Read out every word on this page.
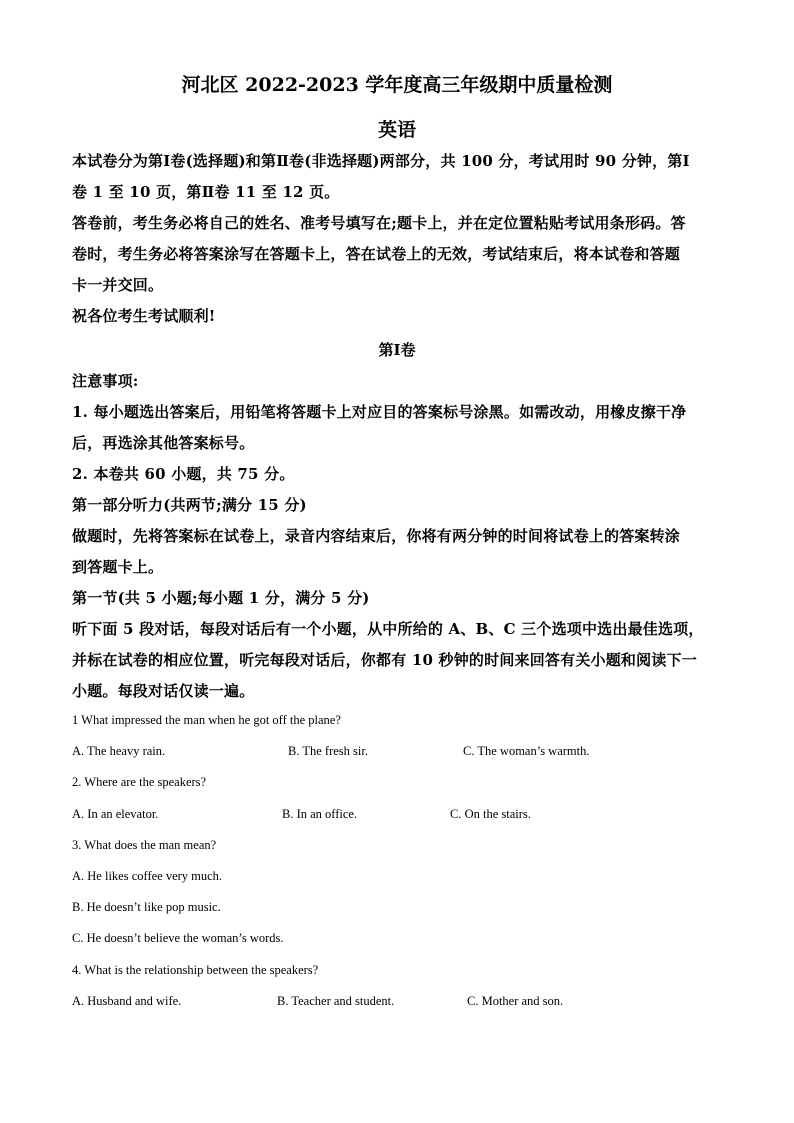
河北区 2022-2023 学年度高三年级期中质量检测
英语
本试卷分为第Ⅰ卷(选择题)和第Ⅱ卷(非选择题)两部分，共 100 分，考试用时 90 分钟，第Ⅰ
卷 1 至 10 页，第Ⅱ卷 11 至 12 页。
答卷前，考生务必将自己的姓名、准考号填写在;题卡上，并在定位置粘贴考试用条形码。答
卷时，考生务必将答案涂写在答题卡上，答在试卷上的无效，考试结束后，将本试卷和答题
卡一并交回。
祝各位考生考试顺利!
第Ⅰ卷
注意事项:
1. 每小题选出答案后，用铅笔将答题卡上对应目的答案标号涂黑。如需改动，用橡皮擦干净
后，再选涂其他答案标号。
2. 本卷共 60 小题，共 75 分。
第一部分听力(共两节;满分 15 分)
做题时，先将答案标在试卷上，录音内容结束后，你将有两分钟的时间将试卷上的答案转涂
到答题卡上。
第一节(共 5 小题;每小题 1 分，满分 5 分)
听下面 5 段对话，每段对话后有一个小题，从中所给的 A、B、C 三个选项中选出最佳选项，
并标在试卷的相应位置，听完每段对话后，你都有 10 秒钟的时间来回答有关小题和阅读下一
小题。每段对话仅读一遍。
1 What impressed the man when he got off the plane?
A. The heavy rain.	B. The fresh sir.	C. The woman’s warmth.
2. Where are the speakers?
A. In an elevator.	B. In an office.	C. On the stairs.
3. What does the man mean?
A. He likes coffee very much.
B. He doesn’t like pop music.
C. He doesn’t believe the woman’s words.
4. What is the relationship between the speakers?
A. Husband and wife.	B. Teacher and student.	C. Mother and son.
